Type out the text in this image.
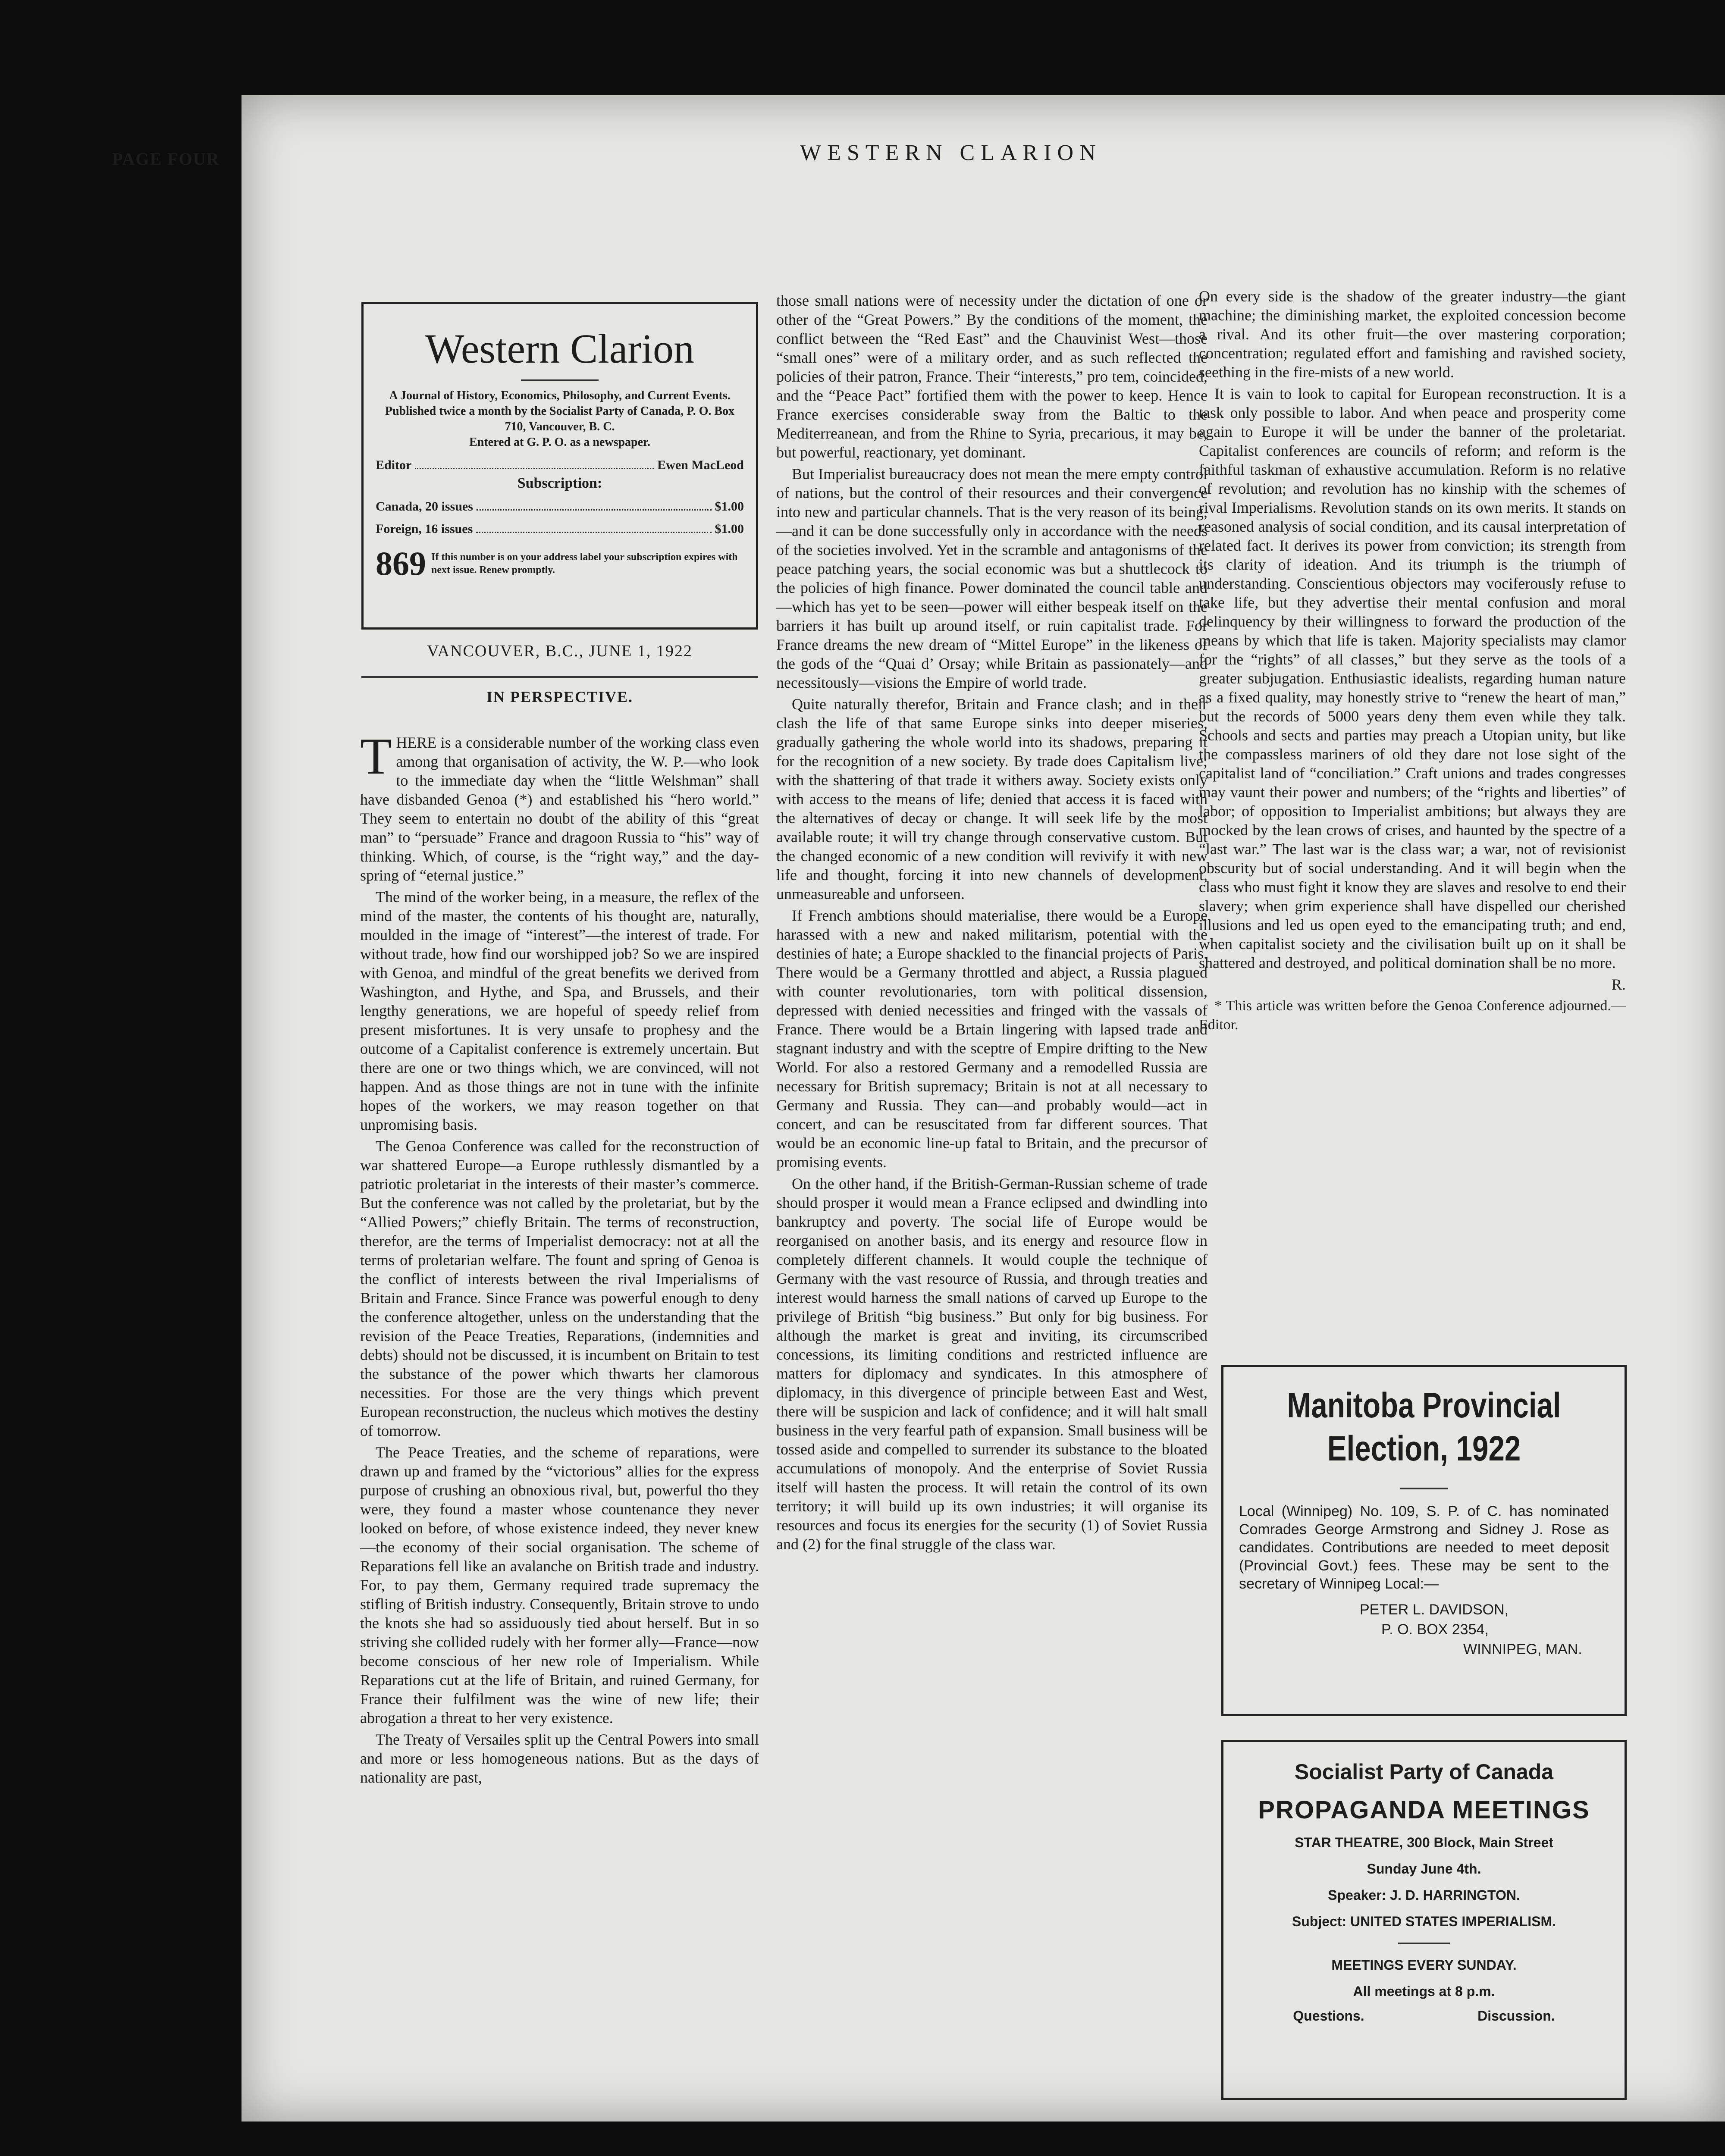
PAGE FOUR	WESTERN CLARION
Western Clarion
A Journal of History, Economics, Philosophy, and Current Events.
Published twice a month by the Socialist Party of Canada, P. O. Box 710, Vancouver, B. C.
Entered at G. P. O. as a newspaper.
Editor	Ewen MacLeod
Subscription:
Canada, 20 issues	$1.00
Foreign, 16 issues	$1.00
869 If this number is on your address label your subscription expires with next issue. Renew promptly.
VANCOUVER, B.C., JUNE 1, 1922
IN PERSPECTIVE.

THERE is a considerable number of the working class even among that organisation of activity, the W. P.—who look to the immediate day when the “little Welshman” shall have disbanded Genoa (*) and established his “hero world.” They seem to entertain no doubt of the ability of this “great man” to “persuade” France and dragoon Russia to “his” way of thinking. Which, of course, is the “right way,” and the day-spring of “eternal justice.”

The mind of the worker being, in a measure, the reflex of the mind of the master, the contents of his thought are, naturally, moulded in the image of “interest”—the interest of trade. For without trade, how find our worshipped job? So we are inspired with Genoa, and mindful of the great benefits we derived from Washington, and Hythe, and Spa, and Brussels, and their lengthy generations, we are hopeful of speedy relief from present misfortunes. It is very unsafe to prophesy and the outcome of a Capitalist conference is extremely uncertain. But there are one or two things which, we are convinced, will not happen. And as those things are not in tune with the infinite hopes of the workers, we may reason together on that unpromising basis.

The Genoa Conference was called for the reconstruction of war shattered Europe—a Europe ruthlessly dismantled by a patriotic proletariat in the interests of their master’s commerce. But the conference was not called by the proletariat, but by the “Allied Powers;” chiefly Britain. The terms of reconstruction, therefor, are the terms of Imperialist democracy: not at all the terms of proletarian welfare. The fount and spring of Genoa is the conflict of interests between the rival Imperialisms of Britain and France. Since France was powerful enough to deny the conference altogether, unless on the understanding that the revision of the Peace Treaties, Reparations, (indemnities and debts) should not be discussed, it is incumbent on Britain to test the substance of the power which thwarts her clamorous necessities. For those are the very things which prevent European reconstruction, the nucleus which motives the destiny of tomorrow.

The Peace Treaties, and the scheme of reparations, were drawn up and framed by the “victorious” allies for the express purpose of crushing an obnoxious rival, but, powerful tho they were, they found a master whose countenance they never looked on before, of whose existence indeed, they never knew—the economy of their social organisation. The scheme of Reparations fell like an avalanche on British trade and industry. For, to pay them, Germany required trade supremacy the stifling of British industry. Consequently, Britain strove to undo the knots she had so assiduously tied about herself. But in so striving she collided rudely with her former ally—France—now become conscious of her new role of Imperialism. While Reparations cut at the life of Britain, and ruined Germany, for France their fulfilment was the wine of new life; their abrogation a threat to her very existence.

The Treaty of Versailes split up the Central Powers into small and more or less homogeneous nations. But as the days of nationality are past,

those small nations were of necessity under the dictation of one or other of the “Great Powers.” By the conditions of the moment, the conflict between the “Red East” and the Chauvinist West—those “small ones” were of a military order, and as such reflected the policies of their patron, France. Their “interests,” pro tem, coincided, and the “Peace Pact” fortified them with the power to keep. Hence France exercises considerable sway from the Baltic to the Mediterreanean, and from the Rhine to Syria, precarious, it may be, but powerful, reactionary, yet dominant.

But Imperialist bureaucracy does not mean the mere empty control of nations, but the control of their resources and their convergence into new and particular channels. That is the very reason of its being,—and it can be done successfully only in accordance with the needs of the societies involved. Yet in the scramble and antagonisms of the peace patching years, the social economic was but a shuttlecock to the policies of high finance. Power dominated the council table and—which has yet to be seen—power will either bespeak itself on the barriers it has built up around itself, or ruin capitalist trade. For France dreams the new dream of “Mittel Europe” in the likeness of the gods of the “Quai d’ Orsay; while Britain as passionately—and necessitously—visions the Empire of world trade.

Quite naturally therefor, Britain and France clash; and in their clash the life of that same Europe sinks into deeper miseries, gradually gathering the whole world into its shadows, preparing it for the recognition of a new society. By trade does Capitalism live; with the shattering of that trade it withers away. Society exists only with access to the means of life; denied that access it is faced with the alternatives of decay or change. It will seek life by the most available route; it will try change through conservative custom. But the changed economic of a new condition will revivify it with new life and thought, forcing it into new channels of development, unmeasureable and unforseen.

If French ambtions should materialise, there would be a Europe harassed with a new and naked militarism, potential with the destinies of hate; a Europe shackled to the financial projects of Paris. There would be a Germany throttled and abject, a Russia plagued with counter revolutionaries, torn with political dissension, depressed with denied necessities and fringed with the vassals of France. There would be a Brtain lingering with lapsed trade and stagnant industry and with the sceptre of Empire drifting to the New World. For also a restored Germany and a remodelled Russia are necessary for British supremacy; Britain is not at all necessary to Germany and Russia. They can—and probably would—act in concert, and can be resuscitated from far different sources. That would be an economic line-up fatal to Britain, and the precursor of promising events.

On the other hand, if the British-German-Russian scheme of trade should prosper it would mean a France eclipsed and dwindling into bankruptcy and poverty. The social life of Europe would be reorganised on another basis, and its energy and resource flow in completely different channels. It would couple the technique of Germany with the vast resource of Russia, and through treaties and interest would harness the small nations of carved up Europe to the privilege of British “big business.” But only for big business. For although the market is great and inviting, its circumscribed concessions, its limiting conditions and restricted influence are matters for diplomacy and syndicates. In this atmosphere of diplomacy, in this divergence of principle between East and West, there will be suspicion and lack of confidence; and it will halt small business in the very fearful path of expansion. Small business will be tossed aside and compelled to surrender its substance to the bloated accumulations of monopoly. And the enterprise of Soviet Russia itself will hasten the process. It will retain the control of its own territory; it will build up its own industries; it will organise its resources and focus its energies for the security (1) of Soviet Russia and (2) for the final struggle of the class war.

On every side is the shadow of the greater industry—the giant machine; the diminishing market, the exploited concession become a rival. And its other fruit—the over mastering corporation; concentration; regulated effort and famishing and ravished society, seething in the fire-mists of a new world.

It is vain to look to capital for European reconstruction. It is a task only possible to labor. And when peace and prosperity come again to Europe it will be under the banner of the proletariat. Capitalist conferences are councils of reform; and reform is the faithful taskman of exhaustive accumulation. Reform is no relative of revolution; and revolution has no kinship with the schemes of rival Imperialisms. Revolution stands on its own merits. It stands on reasoned analysis of social condition, and its causal interpretation of related fact. It derives its power from conviction; its strength from its clarity of ideation. And its triumph is the triumph of understanding. Conscientious objectors may vociferously refuse to take life, but they advertise their mental confusion and moral delinquency by their willingness to forward the production of the means by which that life is taken. Majority specialists may clamor for the “rights” of all classes,” but they serve as the tools of a greater subjugation. Enthusiastic idealists, regarding human nature as a fixed quality, may honestly strive to “renew the heart of man,” but the records of 5000 years deny them even while they talk. Schools and sects and parties may preach a Utopian unity, but like the compassless mariners of old they dare not lose sight of the capitalist land of “conciliation.” Craft unions and trades congresses may vaunt their power and numbers; of the “rights and liberties” of labor; of opposition to Imperialist ambitions; but always they are mocked by the lean crows of crises, and haunted by the spectre of a “last war.” The last war is the class war; a war, not of revisionist obscurity but of social understanding. And it will begin when the class who must fight it know they are slaves and resolve to end their slavery; when grim experience shall have dispelled our cherished illusions and led us open eyed to the emancipating truth; and end, when capitalist society and the civilisation built up on it shall be shattered and destroyed, and political domination shall be no more.

R.

* This article was written before the Genoa Conference adjourned.—Editor.

Manitoba Provincial Election, 1922
Local (Winnipeg) No. 109, S. P. of C. has nominated Comrades George Armstrong and Sidney J. Rose as candidates. Contributions are needed to meet deposit (Provincial Govt.) fees. These may be sent to the secretary of Winnipeg Local:—
PETER L. DAVIDSON,
P. O. BOX 2354,
WINNIPEG, MAN.
Socialist Party of Canada
PROPAGANDA MEETINGS
STAR THEATRE, 300 Block, Main Street
Sunday June 4th.
Speaker: J. D. HARRINGTON.
Subject: UNITED STATES IMPERIALISM.
MEETINGS EVERY SUNDAY.
All meetings at 8 p.m.
Questions.	Discussion.
